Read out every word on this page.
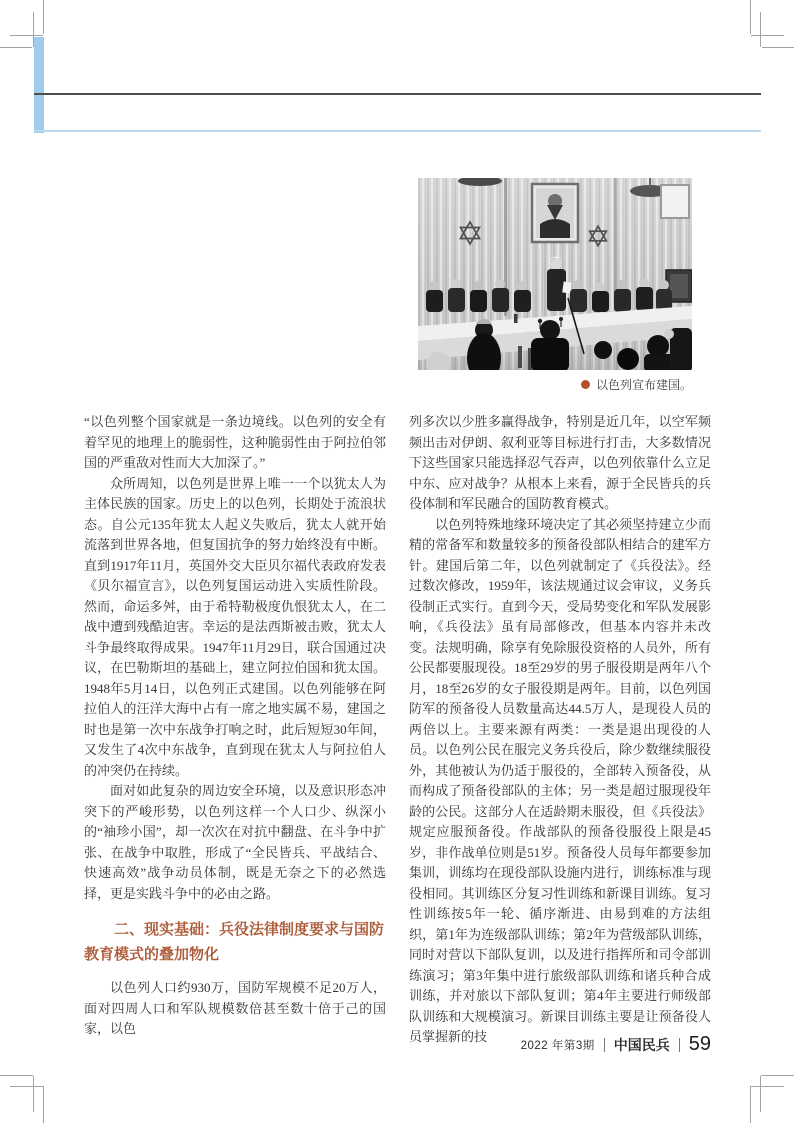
以色列宣布建国。

“以色列整个国家就是一条边境线。以色列的安全有着罕见的地理上的脆弱性，这种脆弱性由于阿拉伯邻国的严重敌对性而大大加深了。”

众所周知，以色列是世界上唯一一个以犹太人为主体民族的国家。历史上的以色列，长期处于流浪状态。自公元135年犹太人起义失败后，犹太人就开始流落到世界各地，但复国抗争的努力始终没有中断。直到1917年11月，英国外交大臣贝尔福代表政府发表《贝尔福宣言》，以色列复国运动进入实质性阶段。然而，命运多舛，由于希特勒极度仇恨犹太人，在二战中遭到残酷迫害。幸运的是法西斯被击败，犹太人斗争最终取得成果。1947年11月29日，联合国通过决议，在巴勒斯坦的基础上，建立阿拉伯国和犹太国。1948年5月14日，以色列正式建国。以色列能够在阿拉伯人的汪洋大海中占有一席之地实属不易，建国之时也是第一次中东战争打响之时，此后短短30年间，又发生了4次中东战争，直到现在犹太人与阿拉伯人的冲突仍在持续。

面对如此复杂的周边安全环境，以及意识形态冲突下的严峻形势，以色列这样一个人口少、纵深小的“袖珍小国”，却一次次在对抗中翻盘、在斗争中扩张、在战争中取胜，形成了“全民皆兵、平战结合、快速高效”战争动员体制，既是无奈之下的必然选择，更是实践斗争中的必由之路。

二、现实基础：兵役法律制度要求与国防教育模式的叠加物化

以色列人口约930万，国防军规模不足20万人，面对四周人口和军队规模数倍甚至数十倍于己的国家，以色

列多次以少胜多赢得战争，特别是近几年，以空军频频出击对伊朗、叙利亚等目标进行打击，大多数情况下这些国家只能选择忍气吞声，以色列依靠什么立足中东、应对战争？从根本上来看，源于全民皆兵的兵役体制和军民融合的国防教育模式。

以色列特殊地缘环境决定了其必须坚持建立少而精的常备军和数量较多的预备役部队相结合的建军方针。建国后第二年，以色列就制定了《兵役法》。经过数次修改，1959年，该法规通过议会审议，义务兵役制正式实行。直到今天，受局势变化和军队发展影响，《兵役法》虽有局部修改，但基本内容并未改变。法规明确，除享有免除服役资格的人员外，所有公民都要服现役。18至29岁的男子服役期是两年八个月，18至26岁的女子服役期是两年。目前，以色列国防军的预备役人员数量高达44.5万人，是现役人员的两倍以上。主要来源有两类：一类是退出现役的人员。以色列公民在服完义务兵役后，除少数继续服役外，其他被认为仍适于服役的，全部转入预备役，从而构成了预备役部队的主体；另一类是超过服现役年龄的公民。这部分人在适龄期未服役，但《兵役法》规定应服预备役。作战部队的预备役服役上限是45岁，非作战单位则是51岁。预备役人员每年都要参加集训，训练均在现役部队设施内进行，训练标准与现役相同。其训练区分复习性训练和新课目训练。复习性训练按5年一轮、循序渐进、由易到难的方法组织，第1年为连级部队训练；第2年为营级部队训练，同时对营以下部队复训，以及进行指挥所和司令部训练演习；第3年集中进行旅级部队训练和诸兵种合成训练，并对旅以下部队复训；第4年主要进行师级部队训练和大规模演习。新课目训练主要是让预备役人员掌握新的技

2022 年第3期 中国民兵 59
